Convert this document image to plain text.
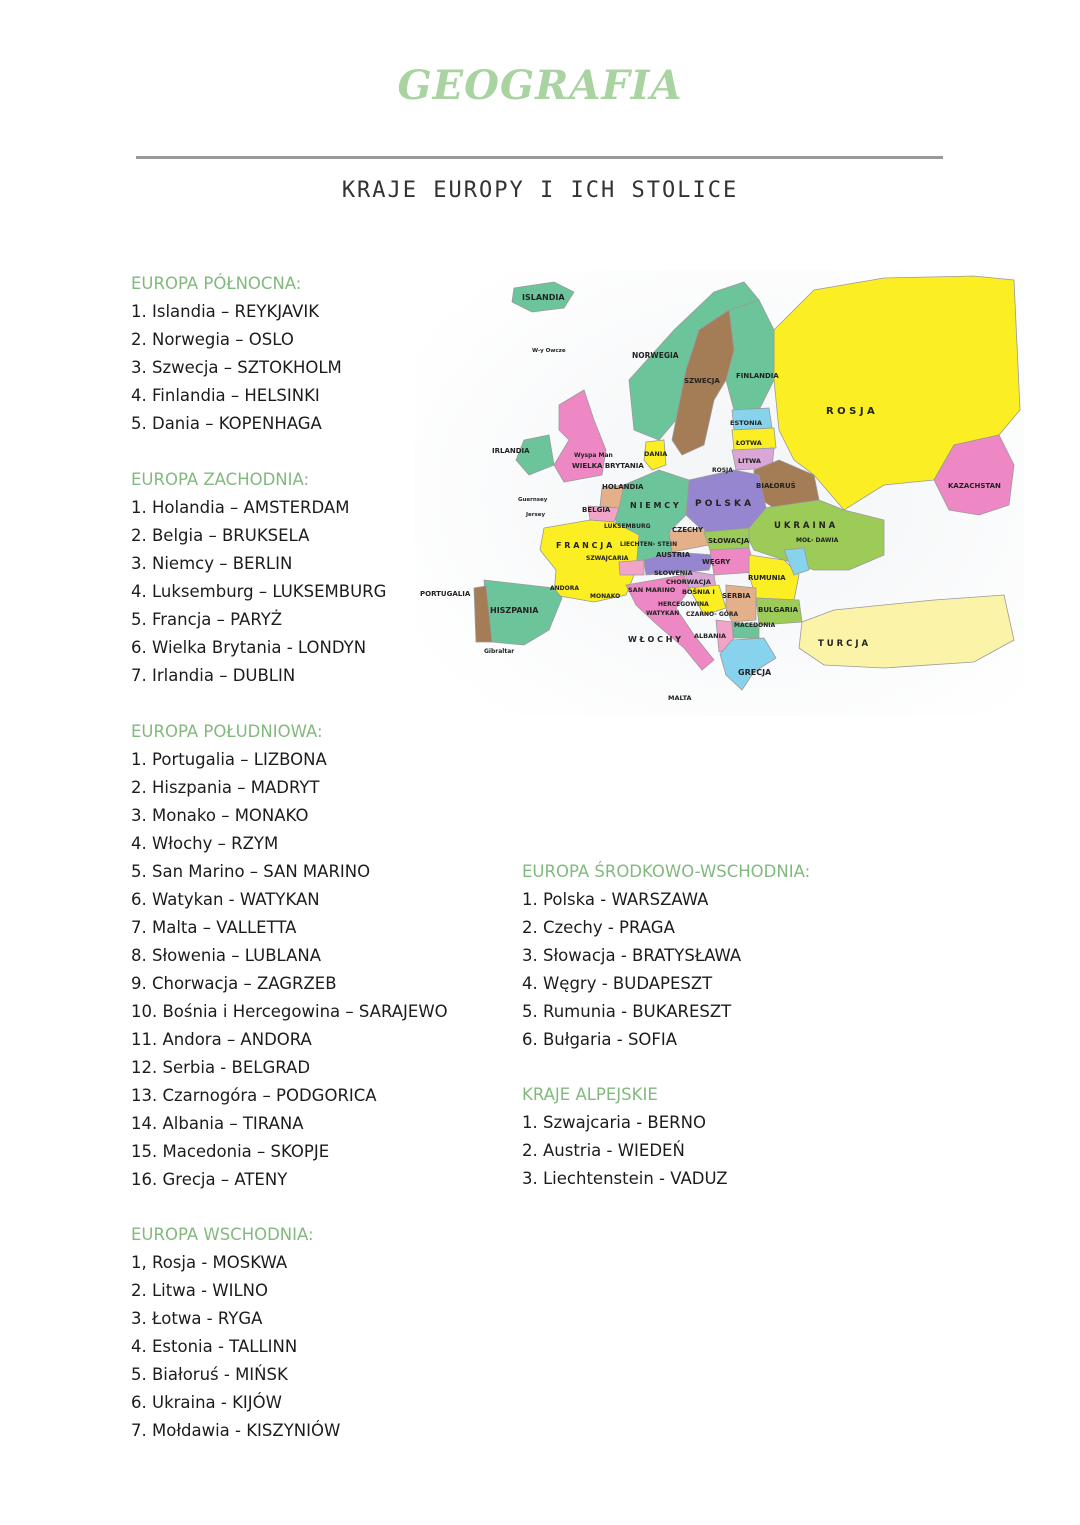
GEOGRAFIA
KRAJE EUROPY I ICH STOLICE
EUROPA PÓŁNOCNA:
1. Islandia – REYKJAVIK
2. Norwegia – OSLO
3. Szwecja – SZTOKHOLM
4. Finlandia – HELSINKI
5. Dania – KOPENHAGA
EUROPA ZACHODNIA:
1. Holandia – AMSTERDAM
2. Belgia – BRUKSELA
3. Niemcy – BERLIN
4. Luksemburg – LUKSEMBURG
5. Francja – PARYŻ
6. Wielka Brytania - LONDYN
7. Irlandia – DUBLIN
EUROPA POŁUDNIOWA:
1. Portugalia – LIZBONA
2. Hiszpania – MADRYT
3. Monako – MONAKO
4. Włochy – RZYM
5. San Marino – SAN MARINO
6. Watykan - WATYKAN
7. Malta – VALLETTA
8. Słowenia – LUBLANA
9. Chorwacja – ZAGRZEB
10. Bośnia i Hercegowina – SARAJEWO
11. Andora – ANDORA
12. Serbia - BELGRAD
13. Czarnogóra – PODGORICA
14. Albania – TIRANA
15. Macedonia – SKOPJE
16. Grecja – ATENY
EUROPA WSCHODNIA:
1, Rosja - MOSKWA
2. Litwa - WILNO
3. Łotwa - RYGA
4. Estonia - TALLINN
5. Białoruś - MIŃSK
6. Ukraina - KIJÓW
7. Mołdawia - KISZYNIÓW
EUROPA ŚRODKOWO-WSCHODNIA:
1. Polska - WARSZAWA
2. Czechy - PRAGA
3. Słowacja - BRATYSŁAWA
4. Węgry - BUDAPESZT
5. Rumunia - BUKARESZT
6. Bułgaria - SOFIA
KRAJE ALPEJSKIE
1. Szwajcaria - BERNO
2. Austria - WIEDEŃ
3. Liechtenstein - VADUZ
ISLANDIA
W-y Owcze	NORWEGIA
SZWECJA
FINLANDIA
R O S J A
ESTONIA
ŁOTWA
LITWA
ROSJA
DANIA
IRLANDIA
Wyspa Man
WIELKA BRYTANIA
Guernsey
Jersey
HOLANDIA
BELGIA N I E M C Y P O L S K A
BIAŁORUŚ	KAZACHSTAN
U K R A I N A
LUKSEMBURG	CZECHY
F R A N C J A LIECHTEN- STEIN
SZWAJCARIA	AUSTRIA
SŁOWACJA
WĘGRY
MOŁ- DAWIA
SŁOWENIA
CHORWACJA	RUMUNIA
SAN MARINO BOŚNIA I SERBIA
ANDORA
MONAKO
HERCEGOWINA
PORTUGALIA
HISZPANIA	WATYKAN CZARNO- GÓRA
BULGARIA
MACEDONIA
W Ł O C H Y ALBANIA
T U R C J A
GRECJA
MALTA
Gibraltar
